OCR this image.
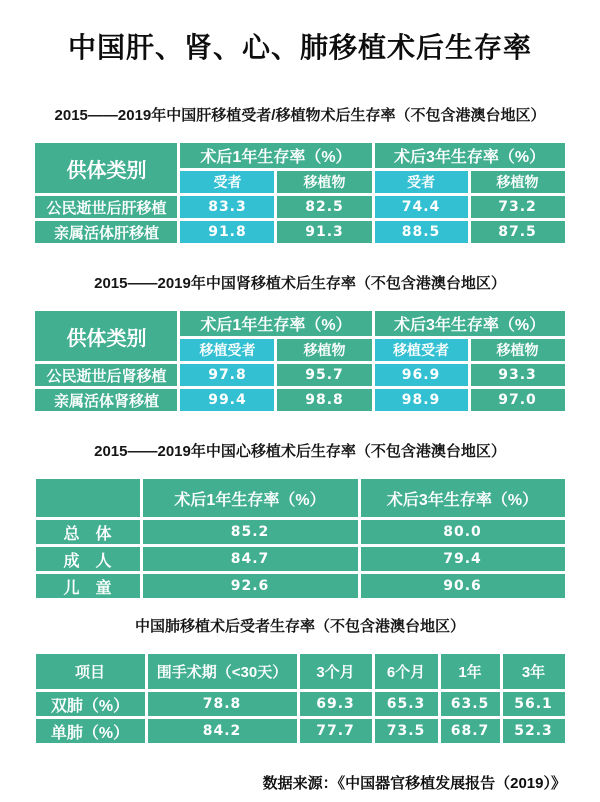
中国肝、肾、心、肺移植术后生存率
2015——2019年中国肝移植受者/移植物术后生存率（不包含港澳台地区）
供体类别	术后1年生存率（%）		术后3年生存率（%）	
	受者	移植物	受者	移植物
公民逝世后肝移植	83.3	82.5	74.4	73.2
亲属活体肝移植	91.8	91.3	88.5	87.5
2015——2019年中国肾移植术后生存率（不包含港澳台地区）
供体类别	术后1年生存率（%）		术后3年生存率（%）	
	移植受者	移植物	移植受者	移植物
公民逝世后肾移植	97.8	95.7	96.9	93.3
亲属活体肾移植	99.4	98.8	98.9	97.0
2015——2019年中国心移植术后生存率（不包含港澳台地区）
	术后1年生存率（%）	术后3年生存率（%）
总　体	85.2	80.0
成　人	84.7	79.4
儿　童	92.6	90.6
中国肺移植术后受者生存率（不包含港澳台地区）
项目	围手术期（<30天）	3个月	6个月	1年	3年
双肺（%）	78.8	69.3	65.3	63.5	56.1
单肺（%）	84.2	77.7	73.5	68.7	52.3
数据来源：《中国器官移植发展报告（2019）》
